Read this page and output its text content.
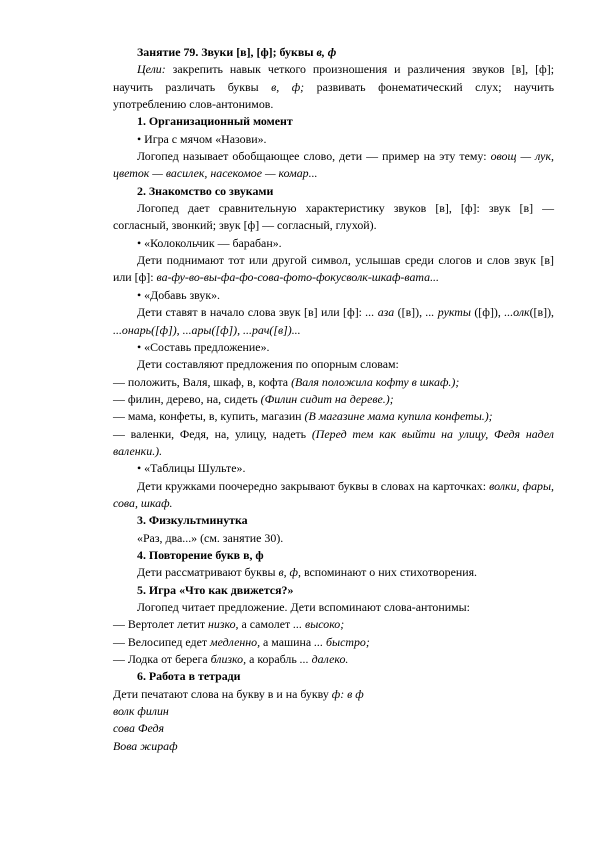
Занятие 79. Звуки [в], [ф]; буквы в, ф

Цели: закрепить навык четкого произношения и различения звуков [в], [ф]; научить различать буквы в, ф; развивать фонематический слух; научить употреблению слов-антонимов.

1. Организационный момент

• Игра с мячом «Назови».

Логопед называет обобщающее слово, дети — пример на эту тему: овощ — лук, цветок — василек, насекомое — комар...

2. Знакомство со звуками

Логопед дает сравнительную характеристику звуков [в], [ф]: звук [в] — согласный, звонкий; звук [ф] — согласный, глухой).

• «Колокольчик — барабан».

Дети поднимают тот или другой символ, услышав среди слогов и слов звук [в] или [ф]: ва-фу-во-вы-фа-фо-сова-фото-фокусволк-шкаф-вата...

• «Добавь звук».

Дети ставят в начало слова звук [в] или [ф]: ... аза ([в]), ... рукты ([ф]), ...олк([в]), ...онарь([ф]), ...ары([ф]), ...рач([в])...

• «Составь предложение».

Дети составляют предложения по опорным словам:

— положить, Валя, шкаф, в, кофта (Валя положила кофту в шкаф.);

— филин, дерево, на, сидеть (Филин сидит на дереве.);

— мама, конфеты, в, купить, магазин (В магазине мама купила конфеты.);

— валенки, Федя, на, улицу, надеть (Перед тем как выйти на улицу, Федя надел валенки.).

• «Таблицы Шульте».

Дети кружками поочередно закрывают буквы в словах на карточках: волки, фары, сова, шкаф.

3. Физкультминутка

«Раз, два...» (см. занятие 30).

4. Повторение букв в, ф

Дети рассматривают буквы в, ф, вспоминают о них стихотворения.

5. Игра «Что как движется?»

Логопед читает предложение. Дети вспоминают слова-антонимы:

— Вертолет летит низко, а самолет ... высоко;

— Велосипед едет медленно, а машина ... быстро;

— Лодка от берега близко, а корабль ... далеко.

6. Работа в тетради

Дети печатают слова на букву в и на букву ф: в ф

волк филин

сова Федя

Вова жираф
